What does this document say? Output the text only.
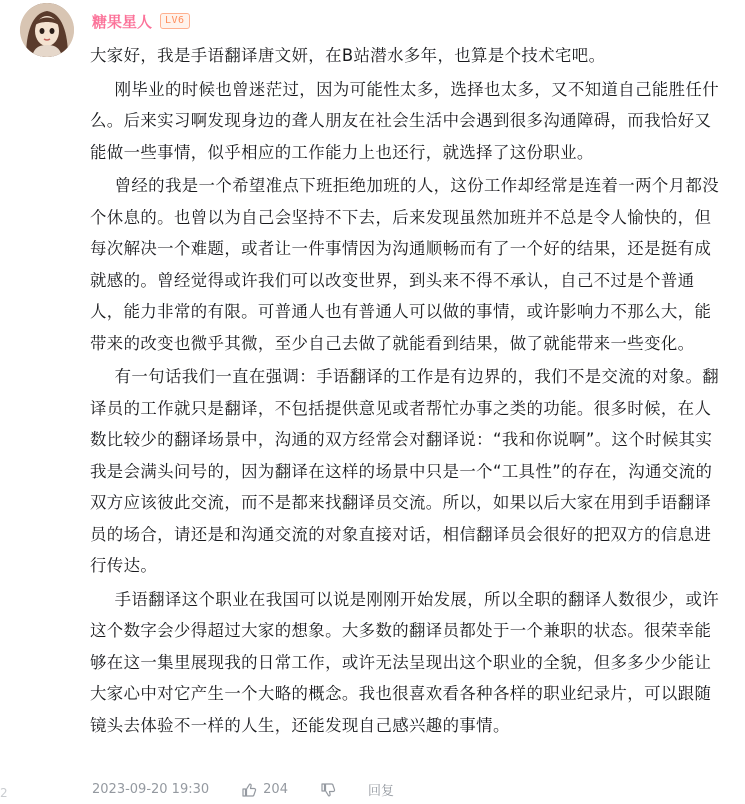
糖果星人	LV6

大家好，我是手语翻译唐文妍，在B站潜水多年，也算是个技术宅吧。

刚毕业的时候也曾迷茫过，因为可能性太多，选择也太多，又不知道自己能胜任什么。后来实习啊发现身边的聋人朋友在社会生活中会遇到很多沟通障碍，而我恰好又能做一些事情，似乎相应的工作能力上也还行，就选择了这份职业。

曾经的我是一个希望准点下班拒绝加班的人，这份工作却经常是连着一两个月都没个休息的。也曾以为自己会坚持不下去，后来发现虽然加班并不总是令人愉快的，但每次解决一个难题，或者让一件事情因为沟通顺畅而有了一个好的结果，还是挺有成就感的。曾经觉得或许我们可以改变世界，到头来不得不承认，自己不过是个普通人，能力非常的有限。可普通人也有普通人可以做的事情，或许影响力不那么大，能带来的改变也微乎其微，至少自己去做了就能看到结果，做了就能带来一些变化。

有一句话我们一直在强调：手语翻译的工作是有边界的，我们不是交流的对象。翻译员的工作就只是翻译，不包括提供意见或者帮忙办事之类的功能。很多时候，在人数比较少的翻译场景中，沟通的双方经常会对翻译说：“我和你说啊”。这个时候其实我是会满头问号的，因为翻译在这样的场景中只是一个“工具性”的存在，沟通交流的双方应该彼此交流，而不是都来找翻译员交流。所以，如果以后大家在用到手语翻译员的场合，请还是和沟通交流的对象直接对话，相信翻译员会很好的把双方的信息进行传达。

手语翻译这个职业在我国可以说是刚刚开始发展，所以全职的翻译人数很少，或许这个数字会少得超过大家的想象。大多数的翻译员都处于一个兼职的状态。很荣幸能够在这一集里展现我的日常工作，或许无法呈现出这个职业的全貌，但多多少少能让大家心中对它产生一个大略的概念。我也很喜欢看各种各样的职业纪录片，可以跟随镜头去体验不一样的人生，还能发现自己感兴趣的事情。

2023-09-20 19:30	204	回复
2
